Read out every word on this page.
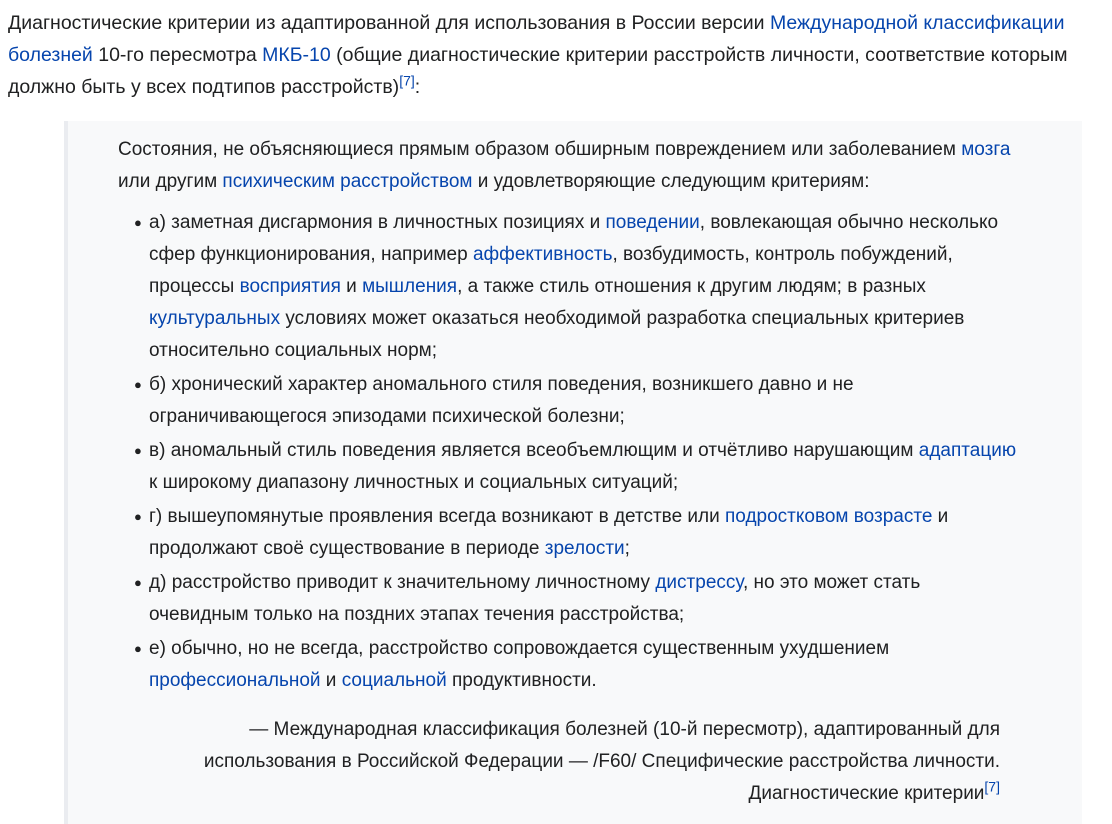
Диагностические критерии из адаптированной для использования в России версии Международной классификации болезней 10-го пересмотра МКБ-10 (общие диагностические критерии расстройств личности, соответствие которым должно быть у всех подтипов расстройств)[7]:

Состояния, не объясняющиеся прямым образом обширным повреждением или заболеванием мозга или другим психическим расстройством и удовлетворяющие следующим критериям:

● а) заметная дисгармония в личностных позициях и поведении, вовлекающая обычно несколько сфер функционирования, например аффективность, возбудимость, контроль побуждений, процессы восприятия и мышления, а также стиль отношения к другим людям; в разных культуральных условиях может оказаться необходимой разработка специальных критериев относительно социальных норм;
● б) хронический характер аномального стиля поведения, возникшего давно и не ограничивающегося эпизодами психической болезни;
● в) аномальный стиль поведения является всеобъемлющим и отчётливо нарушающим адаптацию к широкому диапазону личностных и социальных ситуаций;
● г) вышеупомянутые проявления всегда возникают в детстве или подростковом возрасте и продолжают своё существование в периоде зрелости;
● д) расстройство приводит к значительному личностному дистрессу, но это может стать очевидным только на поздних этапах течения расстройства;
● е) обычно, но не всегда, расстройство сопровождается существенным ухудшением профессиональной и социальной продуктивности.

— Международная классификация болезней (10-й пересмотр), адаптированный для использования в Российской Федерации — /F60/ Специфические расстройства личности. Диагностические критерии[7]
